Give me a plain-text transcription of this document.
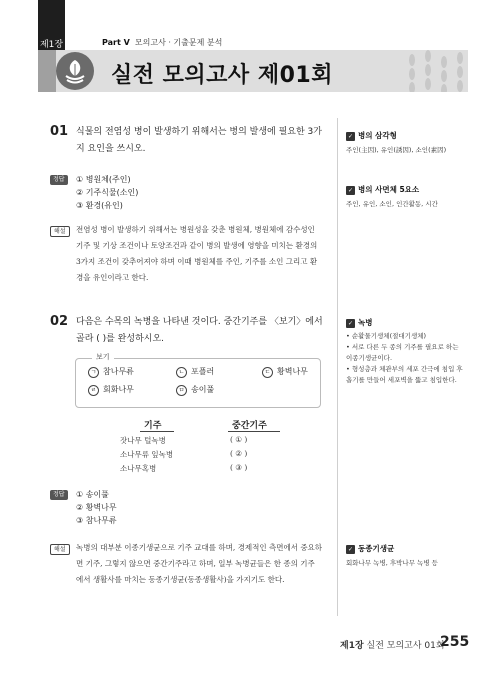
Part V 모의고사 · 기출문제 분석
제1장
실전 모의고사 제01회
01 식물의 전염성 병이 발생하기 위해서는 병의 발생에 필요한 3가
지 요인을 쓰시오.
정답	① 병원체(주인)
② 기주식물(소인)
③ 환경(유인)
해설	전염성 병이 발생하기 위해서는 병원성을 갖춘 병원체, 병원체에 감수성인
기주 및 기상 조건이나 토양조건과 같이 병의 발생에 영향을 미치는 환경의
3가지 조건이 갖추어져야 하며 이때 병원체를 주인, 기주를 소인 그리고 환
경을 유인이라고 한다.
02 다음은 수목의 녹병을 나타낸 것이다. 중간기주를 〈보기〉에서
골라 ( )를 완성하시오.
보기
ㄱ 참나무류	ㄴ 포플러	ㄷ 황벽나무
ㄹ 회화나무	ㅁ 송이풀
기주	중간기주
잣나무 털녹병	( ① )
소나무류 잎녹병	( ② )
소나무혹병	( ③ )
정답	① 송이풀
② 황벽나무
③ 참나무류
해설	녹병의 대부분 이종기생균으로 기주 교대를 하며, 경제적인 측면에서 중요하
면 기주, 그렇지 않으면 중간기주라고 하며, 일부 녹병균들은 한 종의 기주
에서 생활사를 마치는 동종기생균(동종생활사)을 가지기도 한다.
✓ 병의 삼각형
주인(主因), 유인(誘因), 소인(素因)
✓ 병의 사면체 5요소
주인, 유인, 소인, 인간활동, 시간
✓ 녹병
• 순활물기생체(절대기생체)
• 서로 다른 두 종의 기주를 필요로 하는 이종기생균이다.
• 형성층과 체관부의 세포 간극에 침입 후 흡기를 만들어 세포벽을 뚫고 침입한다.
✓ 동종기생균
회화나무 녹병, 후박나무 녹병 등
제1장 실전 모의고사 01회
255
